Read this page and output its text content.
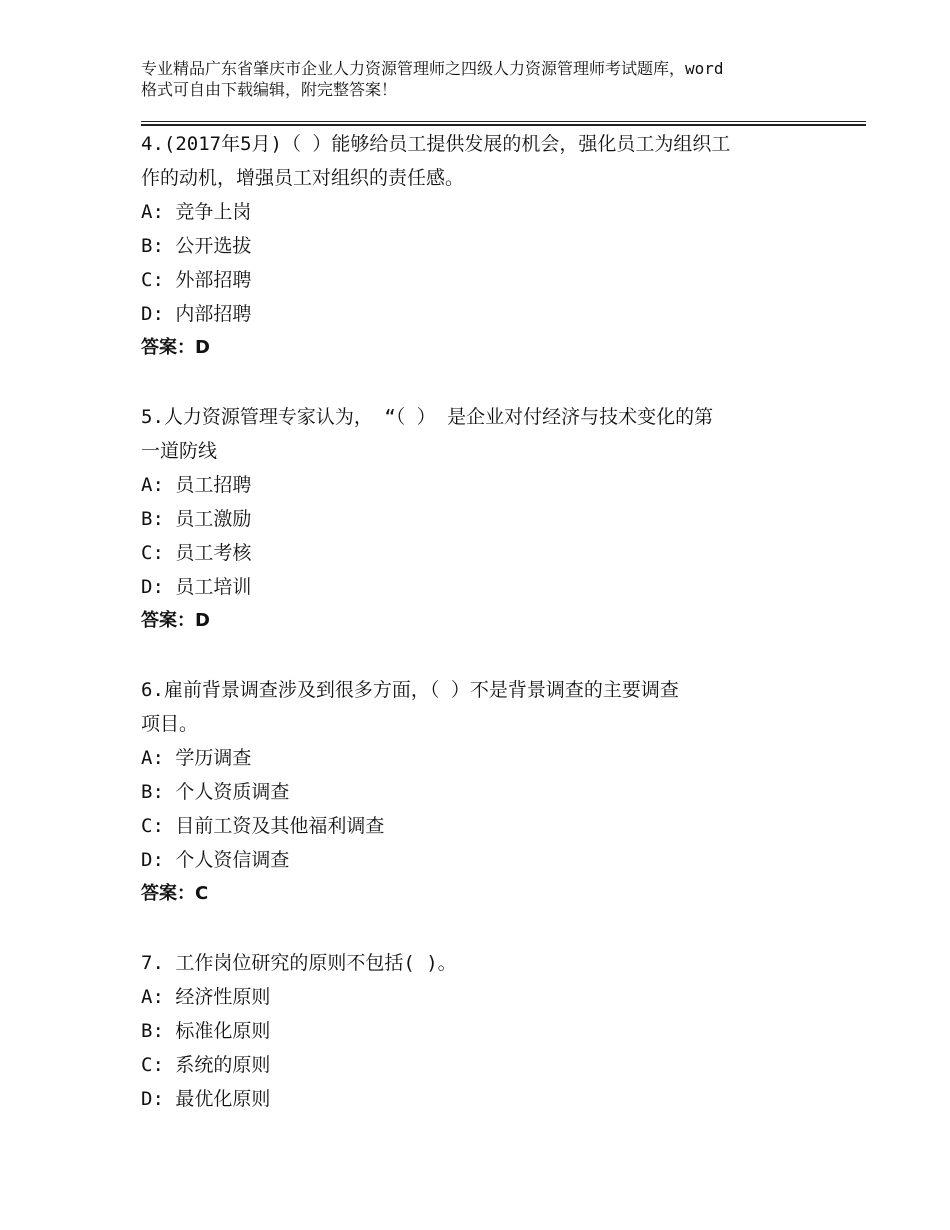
专业精品广东省肇庆市企业人力资源管理师之四级人力资源管理师考试题库，word
格式可自由下载编辑，附完整答案！

4.(2017年5月)（ ）能够给员工提供发展的机会，强化员工为组织工

作的动机，增强员工对组织的责任感。

A: 竞争上岗

B: 公开选拔

C: 外部招聘

D: 内部招聘

答案：D

5.人力资源管理专家认为， “（ ） 是企业对付经济与技术变化的第

一道防线

A: 员工招聘

B: 员工激励

C: 员工考核

D: 员工培训

答案：D

6.雇前背景调查涉及到很多方面，（ ）不是背景调查的主要调查

项目。

A: 学历调查

B: 个人资质调查

C: 目前工资及其他福利调查

D: 个人资信调查

答案：C

7. 工作岗位研究的原则不包括( )。

A: 经济性原则

B: 标准化原则

C: 系统的原则

D: 最优化原则
